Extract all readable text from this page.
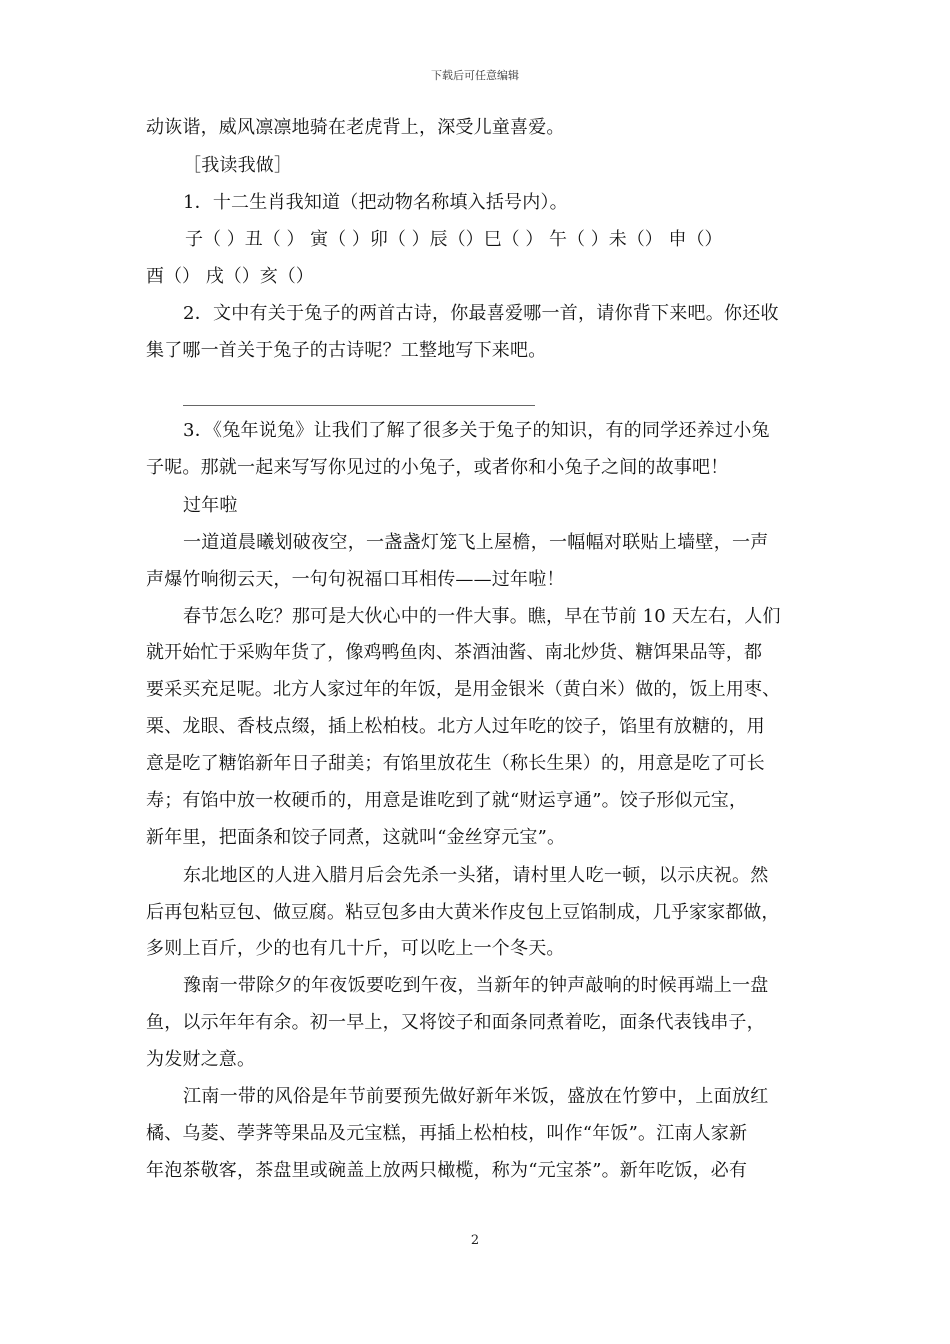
下载后可任意编辑
动诙谐，威风凛凛地骑在老虎背上，深受儿童喜爱。
［我读我做］
1．十二生肖我知道（把动物名称填入括号内）。
子（ ）丑（ ） 寅（ ）卯（ ）辰（）巳（ ） 午（ ）未（） 申（）
酉（） 戌（）亥（）
2．文中有关于兔子的两首古诗，你最喜爱哪一首，请你背下来吧。你还收
集了哪一首关于兔子的古诗呢？工整地写下来吧。
3．《兔年说兔》让我们了解了很多关于兔子的知识，有的同学还养过小兔
子呢。那就一起来写写你见过的小兔子，或者你和小兔子之间的故事吧！
过年啦
一道道晨曦划破夜空，一盏盏灯笼飞上屋檐，一幅幅对联贴上墙壁，一声
声爆竹响彻云天，一句句祝福口耳相传——过年啦！
春节怎么吃？那可是大伙心中的一件大事。瞧，早在节前 10 天左右，人们
就开始忙于采购年货了，像鸡鸭鱼肉、茶酒油酱、南北炒货、糖饵果品等，都
要采买充足呢。北方人家过年的年饭，是用金银米（黄白米）做的，饭上用枣、
栗、龙眼、香枝点缀，插上松柏枝。北方人过年吃的饺子，馅里有放糖的，用
意是吃了糖馅新年日子甜美；有馅里放花生（称长生果）的，用意是吃了可长
寿；有馅中放一枚硬币的，用意是谁吃到了就“财运亨通”。饺子形似元宝，
新年里，把面条和饺子同煮，这就叫“金丝穿元宝”。
东北地区的人进入腊月后会先杀一头猪，请村里人吃一顿，以示庆祝。然
后再包粘豆包、做豆腐。粘豆包多由大黄米作皮包上豆馅制成，几乎家家都做，
多则上百斤，少的也有几十斤，可以吃上一个冬天。
豫南一带除夕的年夜饭要吃到午夜，当新年的钟声敲响的时候再端上一盘
鱼，以示年年有余。初一早上，又将饺子和面条同煮着吃，面条代表钱串子，
为发财之意。
江南一带的风俗是年节前要预先做好新年米饭，盛放在竹箩中，上面放红
橘、乌菱、荸荠等果品及元宝糕，再插上松柏枝，叫作“年饭”。江南人家新
年泡茶敬客，茶盘里或碗盖上放两只橄榄，称为“元宝茶”。新年吃饭，必有
2
